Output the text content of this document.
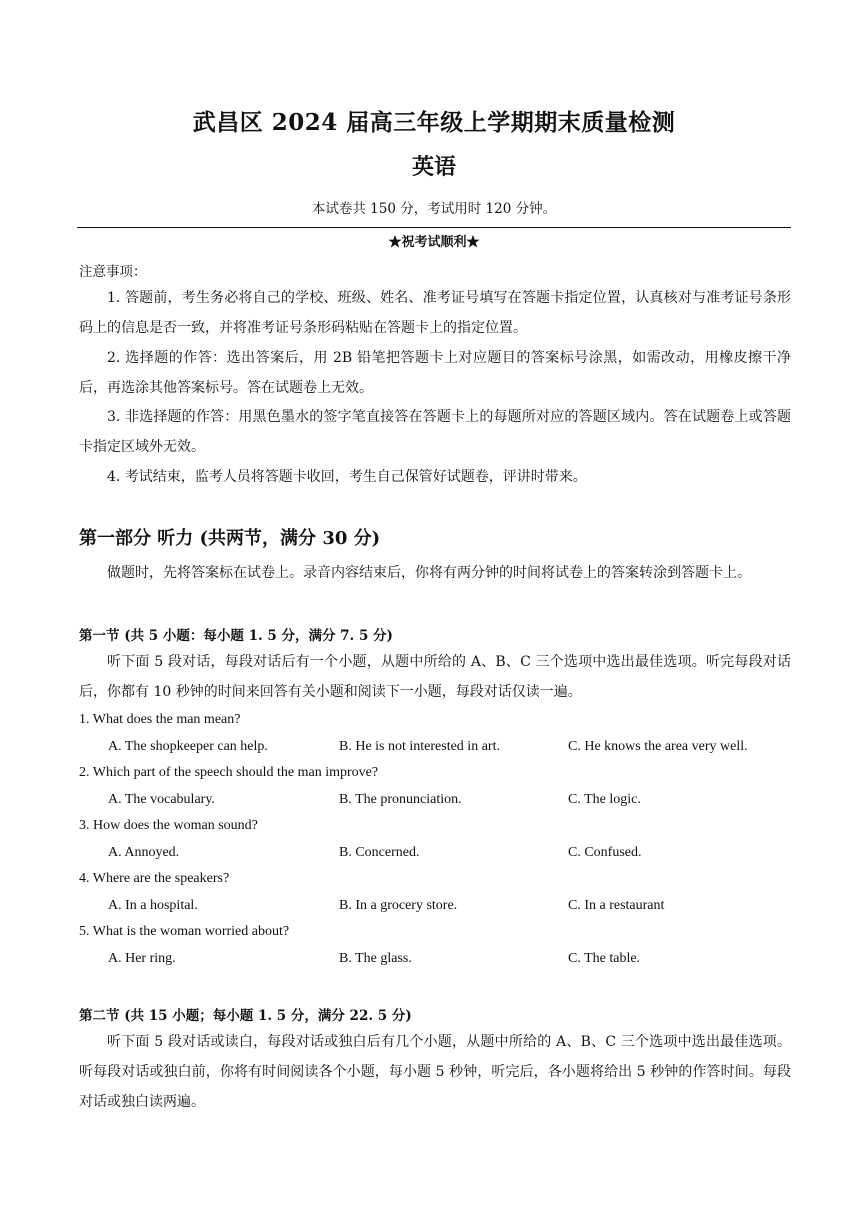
武昌区 2024 届高三年级上学期期末质量检测
英语
本试卷共 150 分，考试用时 120 分钟。
★祝考试顺利★
注意事项：

1. 答题前，考生务必将自己的学校、班级、姓名、准考证号填写在答题卡指定位置，认真核对与准考证号条形码上的信息是否一致，并将准考证号条形码粘贴在答题卡上的指定位置。

2. 选择题的作答：选出答案后，用 2B 铅笔把答题卡上对应题目的答案标号涂黑，如需改动，用橡皮擦干净后，再选涂其他答案标号。答在试题卷上无效。

3. 非选择题的作答：用黑色墨水的签字笔直接答在答题卡上的每题所对应的答题区域内。答在试题卷上或答题卡指定区域外无效。

4. 考试结束，监考人员将答题卡收回，考生自己保管好试题卷，评讲时带来。

第一部分 听力 (共两节，满分 30 分)

做题时，先将答案标在试卷上。录音内容结束后，你将有两分钟的时间将试卷上的答案转涂到答题卡上。

第一节 (共 5 小题：每小题 1. 5 分，满分 7. 5 分)

听下面 5 段对话，每段对话后有一个小题，从题中所给的 A、B、C 三个选项中选出最佳选项。听完每段对话后，你都有 10 秒钟的时间来回答有关小题和阅读下一小题，每段对话仅读一遍。

1. What does the man mean?
A. The shopkeeper can help.	B. He is not interested in art.	C. He knows the area very well.
2. Which part of the speech should the man improve?
A. The vocabulary.	B. The pronunciation.	C. The logic.
3. How does the woman sound?
A. Annoyed.	B. Concerned.	C. Confused.
4. Where are the speakers?
A. In a hospital.	B. In a grocery store.	C. In a restaurant
5. What is the woman worried about?
A. Her ring.	B. The glass.	C. The table.
第二节 (共 15 小题；每小题 1. 5 分，满分 22. 5 分)

听下面 5 段对话或读白，每段对话或独白后有几个小题，从题中所给的 A、B、C 三个选项中选出最佳选项。听每段对话或独白前，你将有时间阅读各个小题，每小题 5 秒钟，听完后，各小题将给出 5 秒钟的作答时间。每段对话或独白读两遍。
